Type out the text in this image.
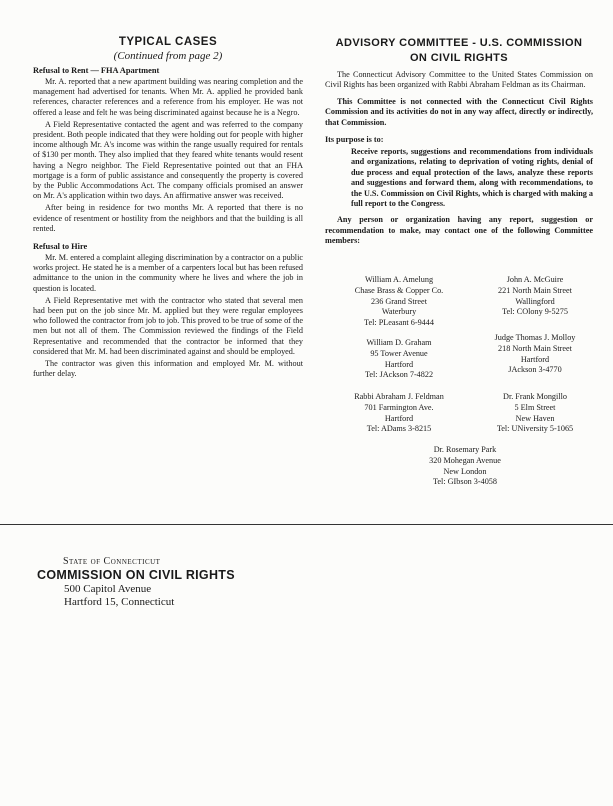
TYPICAL CASES
(Continued from page 2)
Refusal to Rent — FHA Apartment

Mr. A. reported that a new apartment building was nearing completion and the management had advertised for tenants. When Mr. A. applied he provided bank references, character references and a reference from his employer. He was not offered a lease and felt he was being discriminated against because he is a Negro.

A Field Representative contacted the agent and was referred to the company president. Both people indicated that they were holding out for people with higher income although Mr. A's income was within the range usually required for rentals of $130 per month. They also implied that they feared white tenants would resent having a Negro neighbor. The Field Representative pointed out that an FHA mortgage is a form of public assistance and consequently the property is covered by the Public Accommodations Act. The company officials promised an answer on Mr. A's application within two days. An affirmative answer was received.

After being in residence for two months Mr. A reported that there is no evidence of resentment or hostility from the neighbors and that the building is all rented.

Refusal to Hire

Mr. M. entered a complaint alleging discrimination by a contractor on a public works project. He stated he is a member of a carpenters local but has been refused admittance to the union in the community where he lives and where the job in question is located.

A Field Representative met with the contractor who stated that several men had been put on the job since Mr. M. applied but they were regular employees who followed the contractor from job to job. This proved to be true of some of the men but not all of them. The Commission reviewed the findings of the Field Representative and recommended that the contractor be informed that they considered that Mr. M. had been discriminated against and should be employed.

The contractor was given this information and employed Mr. M. without further delay.

ADVISORY COMMITTEE - U.S. COMMISSION
ON CIVIL RIGHTS

The Connecticut Advisory Committee to the United States Commission on Civil Rights has been organized with Rabbi Abraham Feldman as its Chairman.

This Committee is not connected with the Connecticut Civil Rights Commission and its activities do not in any way affect, directly or indirectly, that Commission.

Its purpose is to:

Receive reports, suggestions and recommendations from individuals and organizations, relating to deprivation of voting rights, denial of due process and equal protection of the laws, analyze these reports and suggestions and forward them, along with recommendations, to the U.S. Commission on Civil Rights, which is charged with making a full report to the Congress.

Any person or organization having any report, suggestion or recommendation to make, may contact one of the following Committee members:

William A. Amelung
Chase Brass & Copper Co.
236 Grand Street
Waterbury
Tel: PLeasant 6-9444
John A. McGuire
221 North Main Street
Wallingford
Tel: COlony 9-5275
William D. Graham
95 Tower Avenue
Hartford
Tel: JAckson 7-4822
Judge Thomas J. Molloy
218 North Main Street
Hartford
JAckson 3-4770
Rabbi Abraham J. Feldman
701 Farmington Ave.
Hartford
Tel: ADams 3-8215
Dr. Frank Mongillo
5 Elm Street
New Haven
Tel: UNiversity 5-1065
Dr. Rosemary Park
320 Mohegan Avenue
New London
Tel: GIbson 3-4058
State of Connecticut
COMMISSION ON CIVIL RIGHTS
500 Capitol Avenue
Hartford 15, Connecticut
